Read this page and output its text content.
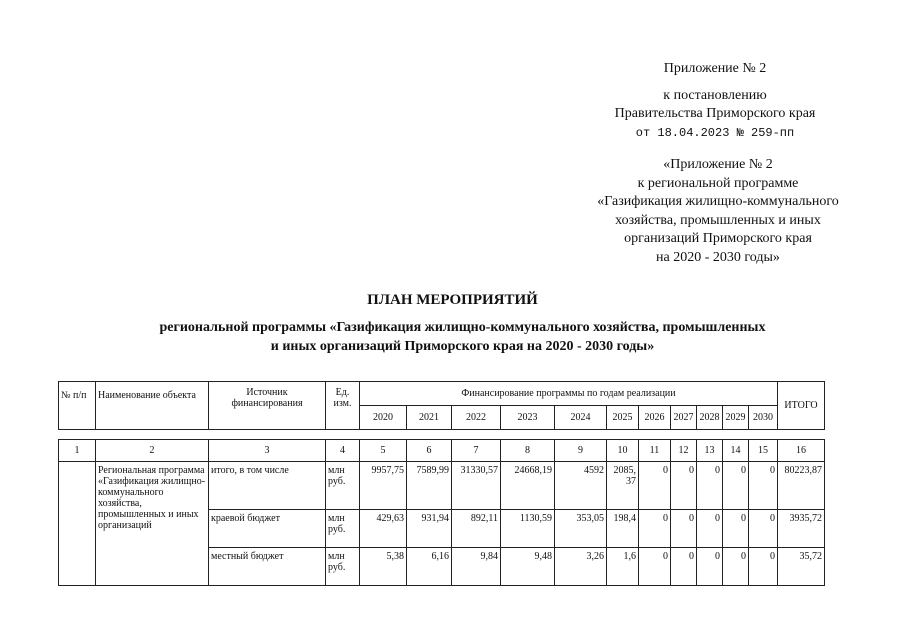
Приложение № 2
к постановлению
Правительства Приморского края
от 18.04.2023 № 259-пп
«Приложение № 2
к региональной программе
«Газификация жилищно-коммунального
хозяйства, промышленных и иных
организаций Приморского края
на 2020 - 2030 годы»
ПЛАН МЕРОПРИЯТИЙ
региональной программы «Газификация жилищно-коммунального хозяйства, промышленных
и иных организаций Приморского края на 2020 - 2030 годы»
№ п/п	Наименование объекта	Источник финансирования	Ед. изм.	Финансирование программы по годам реализации											ИТОГО
				2020	2021	2022	2023	2024	2025	2026	2027	2028	2029	2030	
1	2	3	4	5	6	7	8	9	10	11	12	13	14	15	16
	Региональная программа «Газификация жилищно-коммунального хозяйства, промышленных и иных организаций	итого, в том числе	млн руб.	9957,75	7589,99	31330,57	24668,19	4592	2085,37	0	0	0	0	0	80223,87
		краевой бюджет	млн руб.	429,63	931,94	892,11	1130,59	353,05	198,4	0	0	0	0	0	3935,72
		местный бюджет	млн руб.	5,38	6,16	9,84	9,48	3,26	1,6	0	0	0	0	0	35,72
